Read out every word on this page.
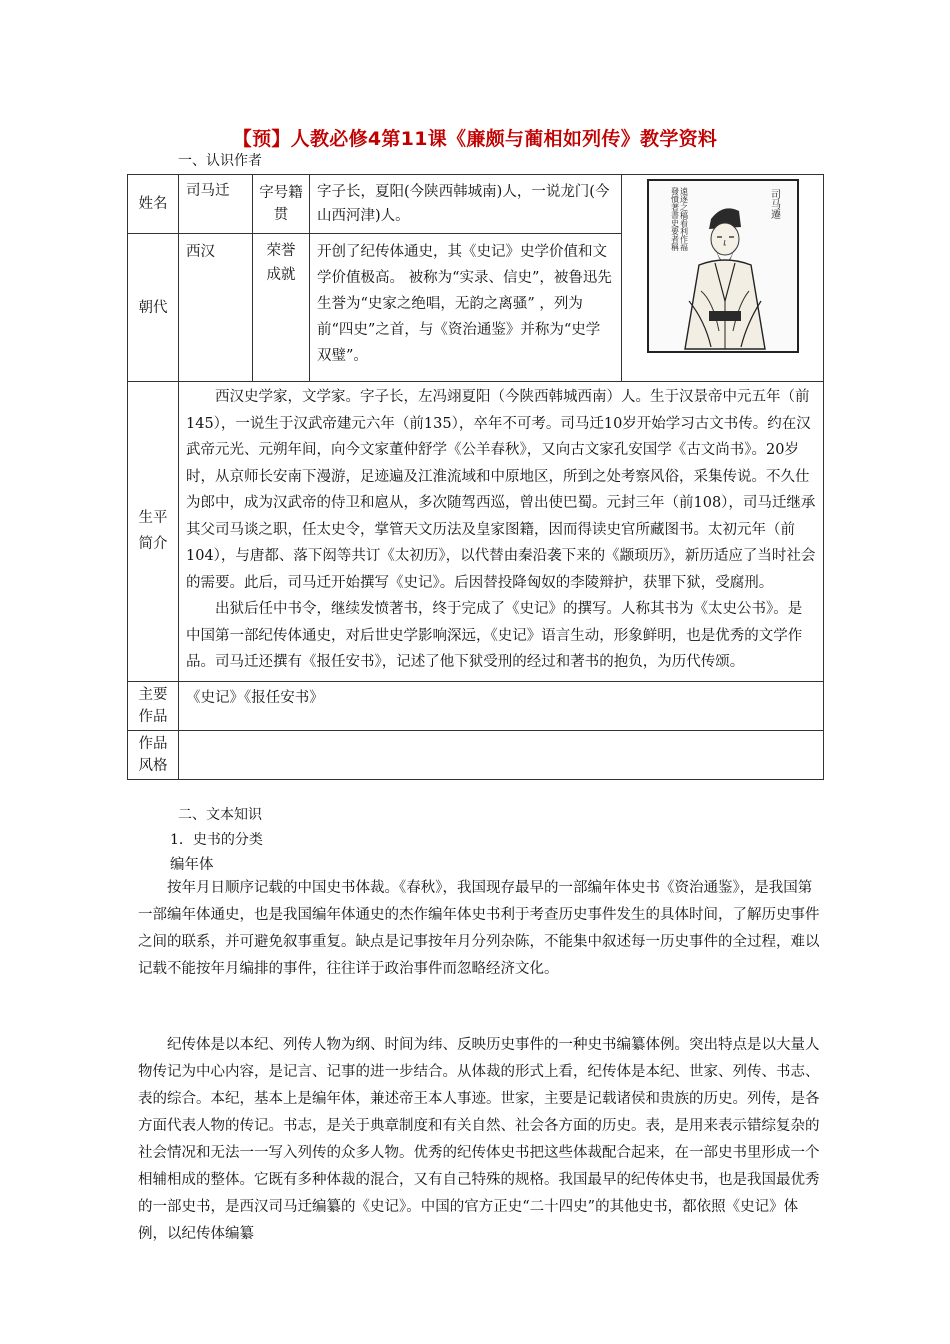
【预】人教必修4第11课《廉颇与蔺相如列传》教学资料
一、认识作者
姓名	司马迁	字号籍贯	字子长，夏阳(今陕西韩城南)人，一说龙门(今山西河津)人。	司马遷
遠逐之稿看利作福 發憤著書史要者稱

朝代	西汉	荣誉成就	开创了纪传体通史，其《史记》史学价值和文学价值极高。 被称为“实录、信史”，被鲁迅先生誉为“史家之绝唱，无韵之离骚” ，列为前“四史”之首，与《资治通鉴》并称为“史学双璧”。	
生平简介	西汉史学家，文学家。字子长，左冯翊夏阳（今陕西韩城西南）人。生于汉景帝中元五年（前145），一说生于汉武帝建元六年（前135），卒年不可考。司马迁10岁开始学习古文书传。约在汉武帝元光、元朔年间，向今文家董仲舒学《公羊春秋》，又向古文家孔安国学《古文尚书》。20岁时，从京师长安南下漫游，足迹遍及江淮流域和中原地区，所到之处考察风俗，采集传说。不久仕为郎中，成为汉武帝的侍卫和扈从，多次随驾西巡，曾出使巴蜀。元封三年（前108），司马迁继承其父司马谈之职，任太史令，掌管天文历法及皇家图籍，因而得读史官所藏图书。太初元年（前104），与唐都、落下闳等共订《太初历》，以代替由秦沿袭下来的《颛顼历》，新历适应了当时社会的需要。此后，司马迁开始撰写《史记》。后因替投降匈奴的李陵辩护，获罪下狱，受腐刑。

出狱后任中书令，继续发愤著书，终于完成了《史记》的撰写。人称其书为《太史公书》。是中国第一部纪传体通史，对后世史学影响深远，《史记》语言生动，形象鲜明，也是优秀的文学作品。司马迁还撰有《报任安书》，记述了他下狱受刑的经过和著书的抱负，为历代传颂。			

主要作品	《史记》《报任安书》			
作品风格				
二、文本知识
1．史书的分类
编年体

按年月日顺序记载的中国史书体裁。《春秋》，我国现存最早的一部编年体史书《资治通鉴》，是我国第一部编年体通史，也是我国编年体通史的杰作编年体史书利于考查历史事件发生的具体时间，了解历史事件之间的联系，并可避免叙事重复。缺点是记事按年月分列杂陈，不能集中叙述每一历史事件的全过程，难以记载不能按年月编排的事件，往往详于政治事件而忽略经济文化。

纪传体是以本纪、列传人物为纲、时间为纬、反映历史事件的一种史书编纂体例。突出特点是以大量人物传记为中心内容，是记言、记事的进一步结合。从体裁的形式上看，纪传体是本纪、世家、列传、书志、表的综合。本纪，基本上是编年体，兼述帝王本人事迹。世家，主要是记载诸侯和贵族的历史。列传，是各方面代表人物的传记。书志，是关于典章制度和有关自然、社会各方面的历史。表，是用来表示错综复杂的社会情况和无法一一写入列传的众多人物。优秀的纪传体史书把这些体裁配合起来，在一部史书里形成一个相辅相成的整体。它既有多种体裁的混合，又有自己特殊的规格。我国最早的纪传体史书，也是我国最优秀的一部史书，是西汉司马迁编纂的《史记》。中国的官方正史“二十四史”的其他史书，都依照《史记》体例，以纪传体编纂
